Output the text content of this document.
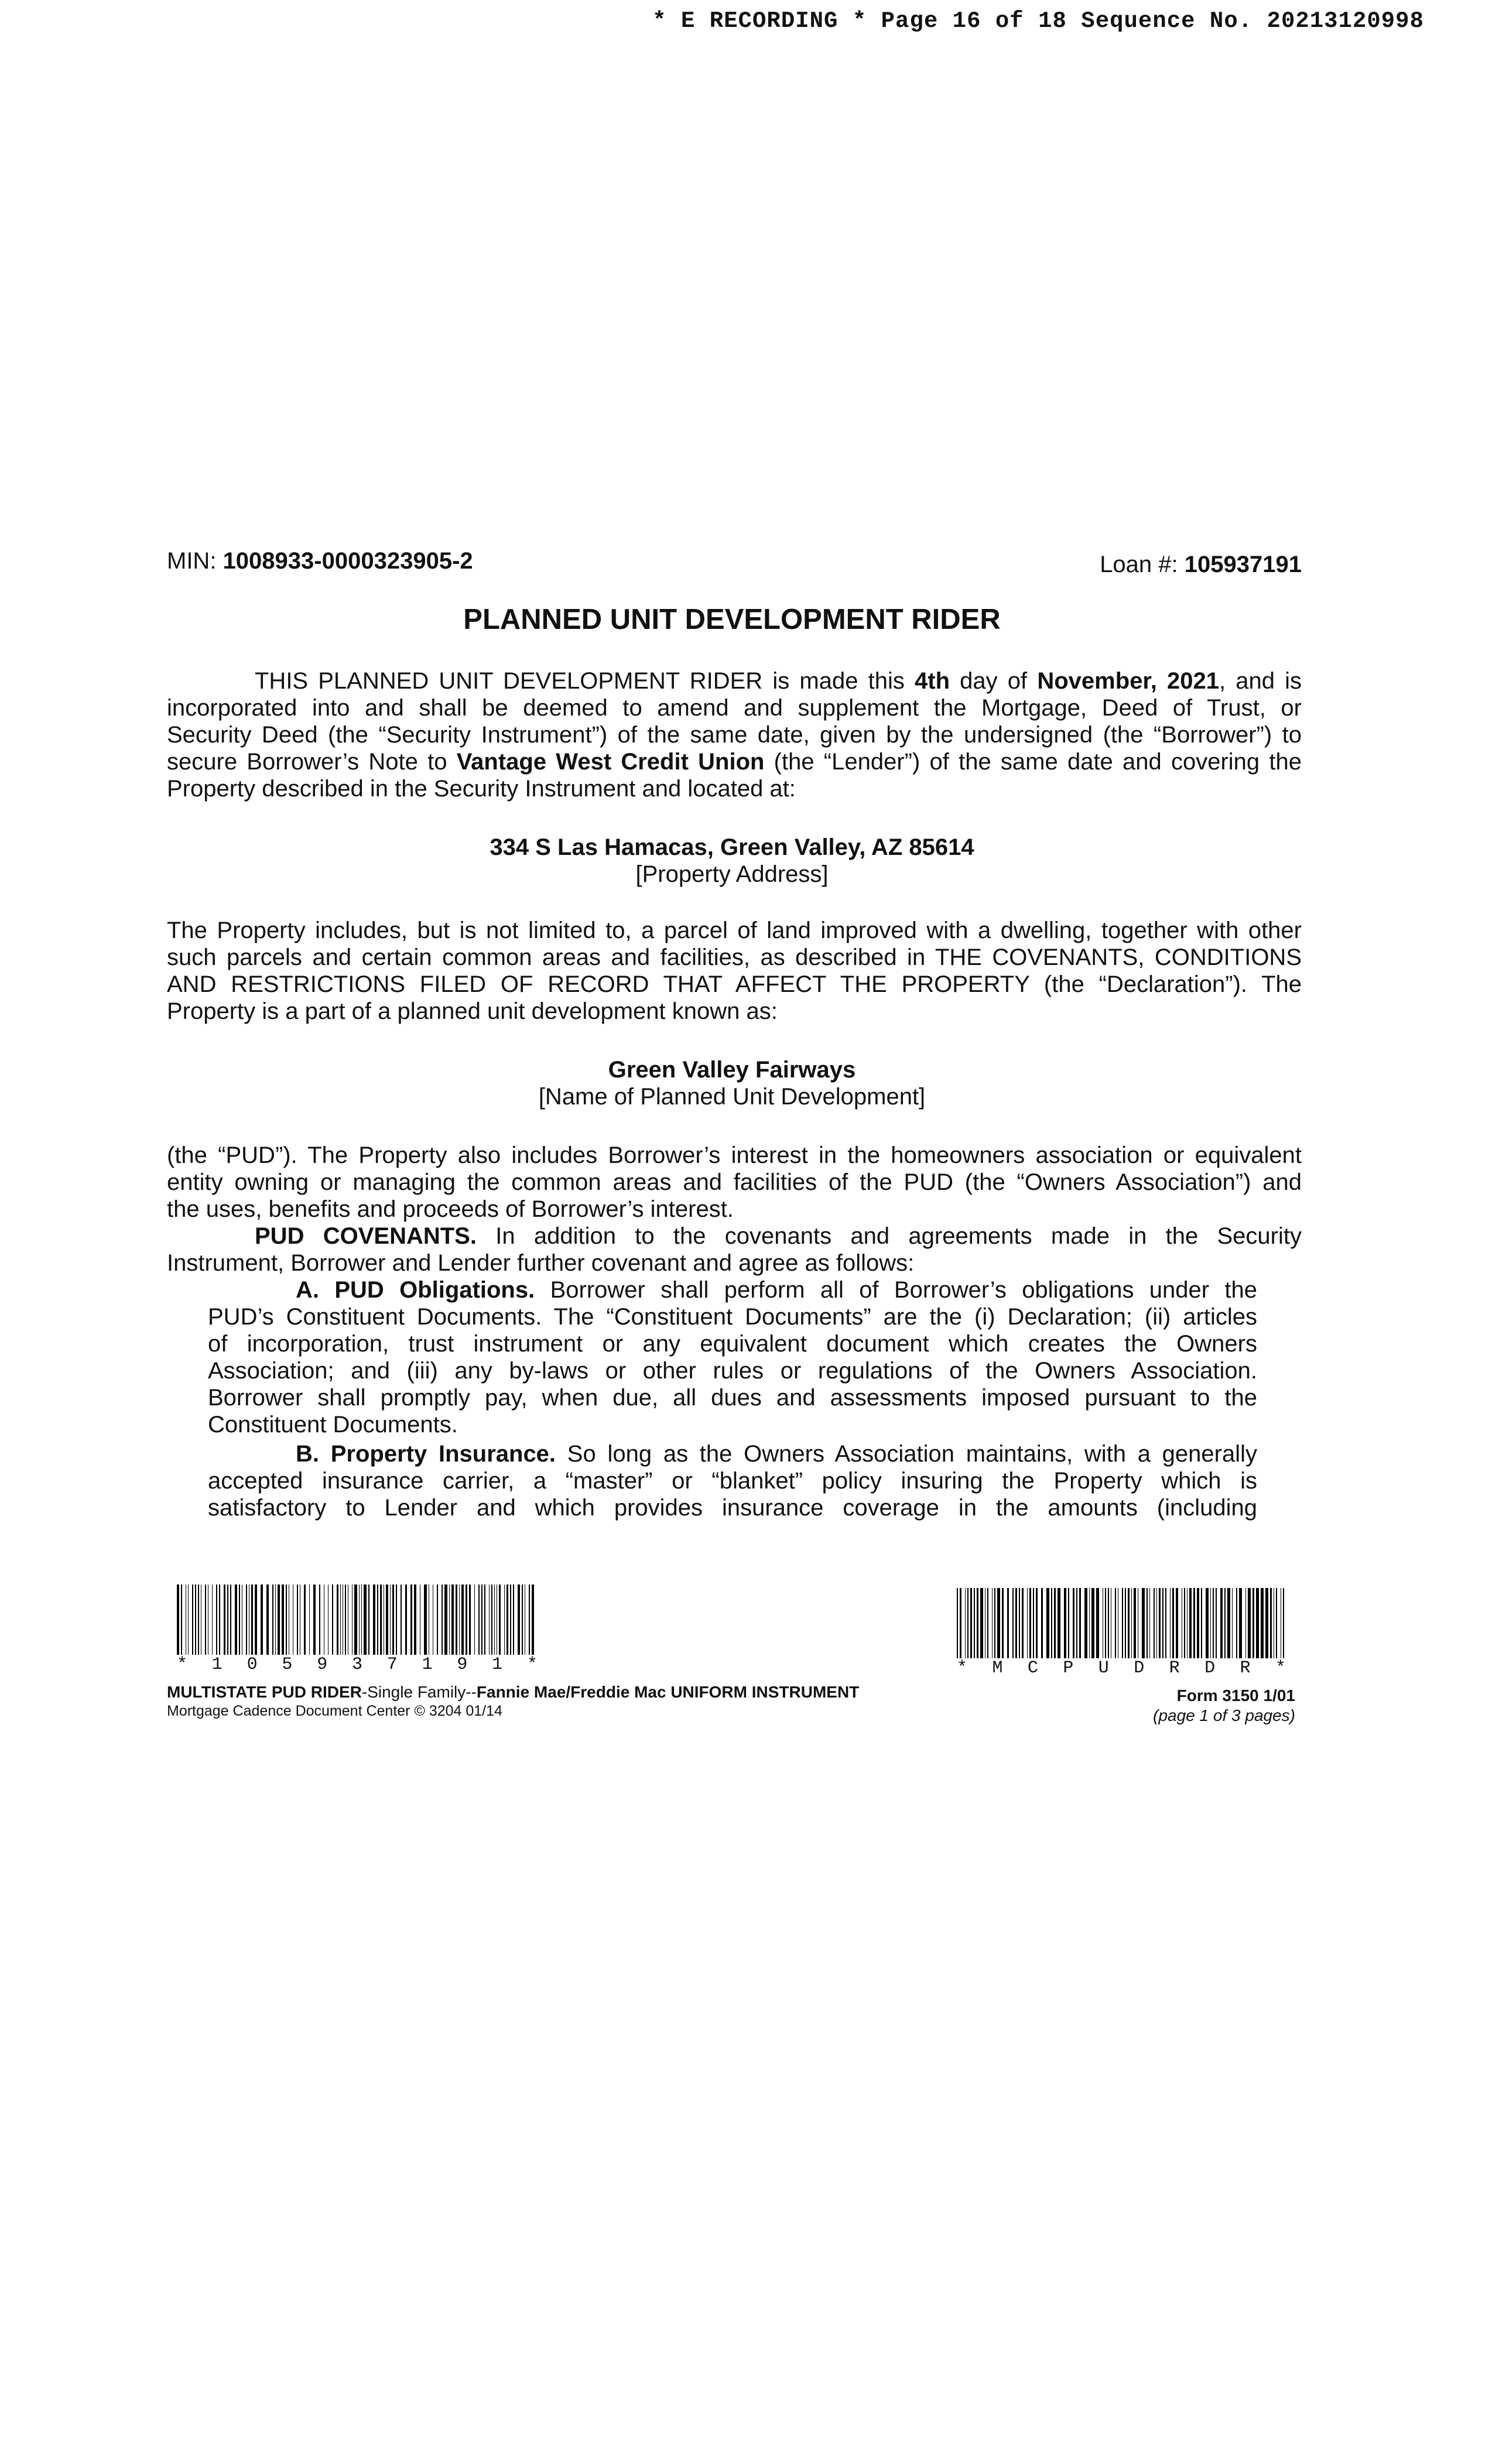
* E RECORDING * Page 16 of 18 Sequence No. 20213120998
MIN: 1008933-0000323905-2	Loan #: 105937191
PLANNED UNIT DEVELOPMENT RIDER
THIS PLANNED UNIT DEVELOPMENT RIDER is made this 4th day of November, 2021, and is
incorporated into and shall be deemed to amend and supplement the Mortgage, Deed of Trust, or
Security Deed (the “Security Instrument”) of the same date, given by the undersigned (the “Borrower”) to
secure Borrower’s Note to Vantage West Credit Union (the “Lender”) of the same date and covering the
Property described in the Security Instrument and located at:
334 S Las Hamacas, Green Valley, AZ 85614
[Property Address]
The Property includes, but is not limited to, a parcel of land improved with a dwelling, together with other
such parcels and certain common areas and facilities, as described in THE COVENANTS, CONDITIONS
AND RESTRICTIONS FILED OF RECORD THAT AFFECT THE PROPERTY (the “Declaration”). The
Property is a part of a planned unit development known as:
Green Valley Fairways
[Name of Planned Unit Development]
(the “PUD”). The Property also includes Borrower’s interest in the homeowners association or equivalent
entity owning or managing the common areas and facilities of the PUD (the “Owners Association”) and
the uses, benefits and proceeds of Borrower’s interest.
PUD COVENANTS. In addition to the covenants and agreements made in the Security
Instrument, Borrower and Lender further covenant and agree as follows:
A. PUD Obligations. Borrower shall perform all of Borrower’s obligations under the
PUD’s Constituent Documents. The “Constituent Documents” are the (i) Declaration; (ii) articles
of incorporation, trust instrument or any equivalent document which creates the Owners
Association; and (iii) any by-laws or other rules or regulations of the Owners Association.
Borrower shall promptly pay, when due, all dues and assessments imposed pursuant to the
Constituent Documents.
B. Property Insurance. So long as the Owners Association maintains, with a generally
accepted insurance carrier, a “master” or “blanket” policy insuring the Property which is
satisfactory to Lender and which provides insurance coverage in the amounts (including
* 1 0 5 9 3 7 1 9 1 *	* M C P U D R D R *
MULTISTATE PUD RIDER-Single Family--Fannie Mae/Freddie Mac UNIFORM INSTRUMENT
Mortgage Cadence Document Center © 3204 01/14
Form 3150 1/01
(page 1 of 3 pages)
